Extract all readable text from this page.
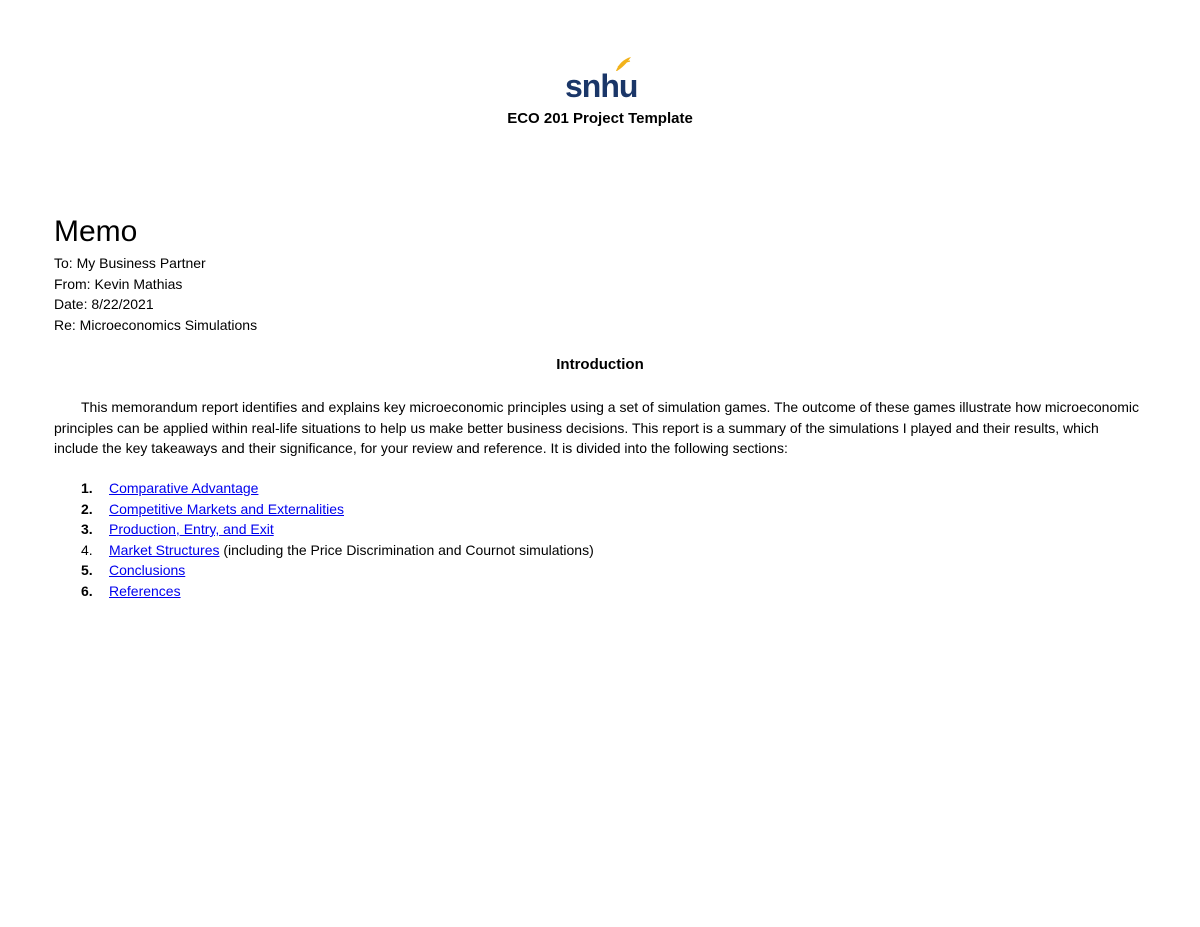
snhu
ECO 201 Project Template
Memo
To: My Business Partner
From: Kevin Mathias
Date: 8/22/2021
Re: Microeconomics Simulations
Introduction

This memorandum report identifies and explains key microeconomic principles using a set of simulation games. The outcome of these games illustrate how microeconomic principles can be applied within real-life situations to help us make better business decisions. This report is a summary of the simulations I played and their results, which include the key takeaways and their significance, for your review and reference. It is divided into the following sections:

1. Comparative Advantage
2. Competitive Markets and Externalities
3. Production, Entry, and Exit
4. Market Structures (including the Price Discrimination and Cournot simulations)
5. Conclusions
6. References
